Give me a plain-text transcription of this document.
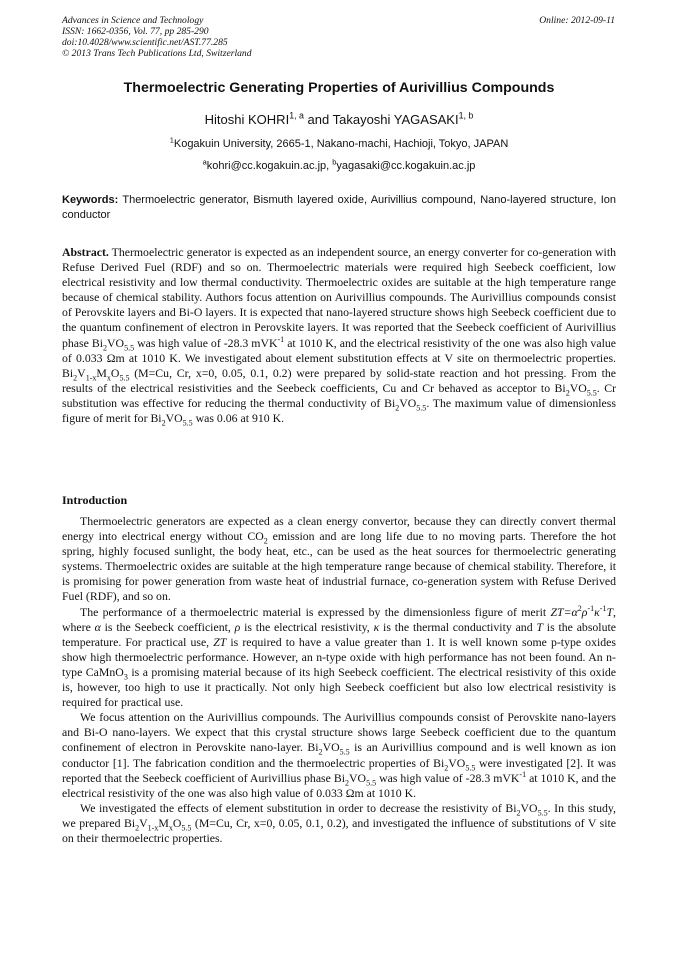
Advances in Science and Technology
ISSN: 1662-0356, Vol. 77, pp 285-290
doi:10.4028/www.scientific.net/AST.77.285
© 2013 Trans Tech Publications Ltd, Switzerland
Online: 2012-09-11
Thermoelectric Generating Properties of Aurivillius Compounds
Hitoshi KOHRI$^{1, a}$ and Takayoshi YAGASAKI$^{1, b}$
$^1$Kogakuin University, 2665-1, Nakano-machi, Hachioji, Tokyo, JAPAN
$^a$kohri@cc.kogakuin.ac.jp, $^b$yagasaki@cc.kogakuin.ac.jp
Keywords: Thermoelectric generator, Bismuth layered oxide, Aurivillius compound, Nano-layered structure, Ion conductor
Abstract. Thermoelectric generator is expected as an independent source, an energy converter for co-generation with Refuse Derived Fuel (RDF) and so on. Thermoelectric materials were required high Seebeck coefficient, low electrical resistivity and low thermal conductivity. Thermoelectric oxides are suitable at the high temperature range because of chemical stability. Authors focus attention on Aurivillius compounds. The Aurivillius compounds consist of Perovskite layers and Bi-O layers. It is expected that nano-layered structure shows high Seebeck coefficient due to the quantum confinement of electron in Perovskite layers. It was reported that the Seebeck coefficient of Aurivillius phase $Bi_2VO_{5.5}$ was high value of -28.3 mVK$^{-1}$ at 1010 K, and the electrical resistivity of the one was also high value of 0.033 Ωm at 1010 K. We investigated about element substitution effects at V site on thermoelectric properties. $Bi_2V_{1-x}M_xO_{5.5}$ (M=Cu, Cr, x=0, 0.05, 0.1, 0.2) were prepared by solid-state reaction and hot pressing. From the results of the electrical resistivities and the Seebeck coefficients, Cu and Cr behaved as acceptor to $Bi_2VO_{5.5}$. Cr substitution was effective for reducing the thermal conductivity of $Bi_2VO_{5.5}$. The maximum value of dimensionless figure of merit for $Bi_2VO_{5.5}$ was 0.06 at 910 K.
Introduction

Thermoelectric generators are expected as a clean energy convertor, because they can directly convert thermal energy into electrical energy without $CO_2$ emission and are long life due to no moving parts. Therefore the hot spring, highly focused sunlight, the body heat, etc., can be used as the heat sources for thermoelectric generating systems. Thermoelectric oxides are suitable at the high temperature range because of chemical stability. Therefore, it is promising for power generation from waste heat of industrial furnace, co-generation system with Refuse Derived Fuel (RDF), and so on.

The performance of a thermoelectric material is expressed by the dimensionless figure of merit $ZT=\alpha^2\rho^{-1}\kappa^{-1}T$, where α is the Seebeck coefficient, ρ is the electrical resistivity, κ is the thermal conductivity and T is the absolute temperature. For practical use, ZT is required to have a value greater than 1. It is well known some p-type oxides show high thermoelectric performance. However, an n-type oxide with high performance has not been found. An n-type CaMnO$_3$ is a promising material because of its high Seebeck coefficient. The electrical resistivity of this oxide is, however, too high to use it practically. Not only high Seebeck coefficient but also low electrical resistivity is required for practical use.

We focus attention on the Aurivillius compounds. The Aurivillius compounds consist of Perovskite nano-layers and Bi-O nano-layers. We expect that this crystal structure shows large Seebeck coefficient due to the quantum confinement of electron in Perovskite nano-layer. $Bi_2VO_{5.5}$ is an Aurivillius compound and is well known as ion conductor [1]. The fabrication condition and the thermoelectric properties of $Bi_2VO_{5.5}$ were investigated [2]. It was reported that the Seebeck coefficient of Aurivillius phase $Bi_2VO_{5.5}$ was high value of -28.3 mVK$^{-1}$ at 1010 K, and the electrical resistivity of the one was also high value of 0.033 Ωm at 1010 K.

We investigated the effects of element substitution in order to decrease the resistivity of $Bi_2VO_{5.5}$. In this study, we prepared $Bi_2V_{1-x}M_xO_{5.5}$ (M=Cu, Cr, x=0, 0.05, 0.1, 0.2), and investigated the influence of substitutions of V site on their thermoelectric properties.
